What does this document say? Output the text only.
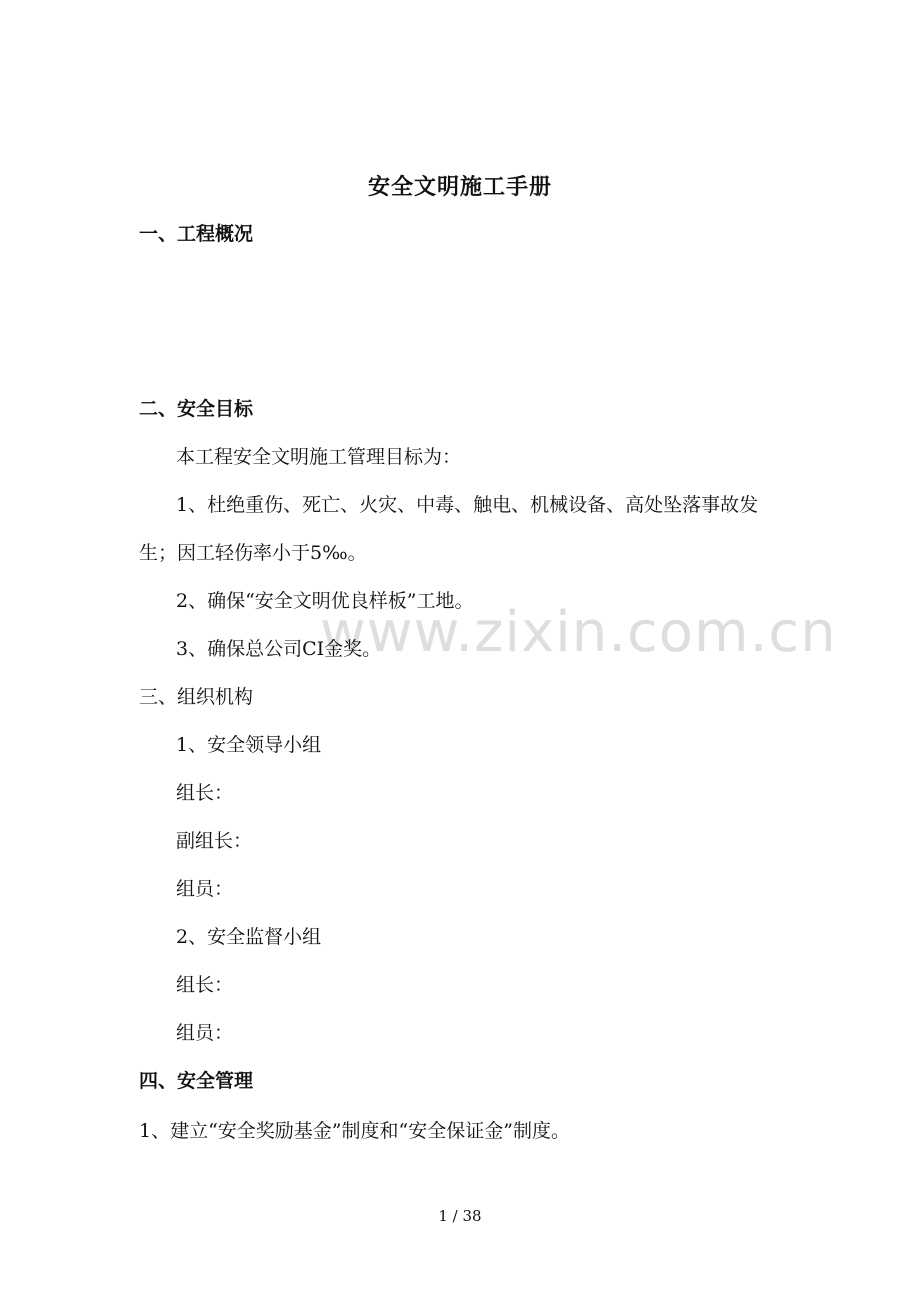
www.zixin.com.cn
安全文明施工手册
一、工程概况
二、安全目标
本工程安全文明施工管理目标为：
1、杜绝重伤、死亡、火灾、中毒、触电、机械设备、高处坠落事故发
生；因工轻伤率小于5‰。
2、确保“安全文明优良样板”工地。
3、确保总公司CI金奖。
三、组织机构
1、安全领导小组
组长：
副组长：
组员：
2、安全监督小组
组长：
组员：
四、安全管理
1、建立“安全奖励基金”制度和“安全保证金”制度。
1 / 38
